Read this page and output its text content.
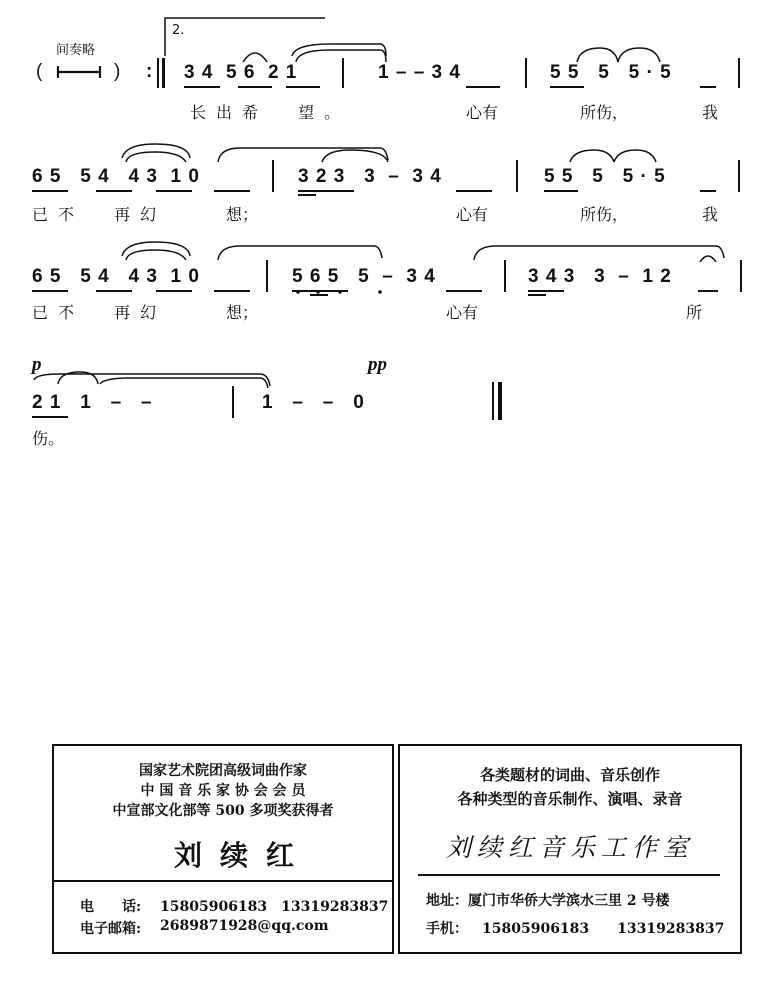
间奏略
(	) :
2.
3 4  5 6  2 1	1 – – 3 4	5 5   5   5 · 5
长出希  望。	心有	所伤，	我
6 5   5 4   4 3  1 0	3 2 3   3  –  3 4	5 5   5   5 · 5
已不  再幻	想；	心有	所伤，	我
6 5   5 4   4 3  1 0	5 6 5   5  –  3 4	3 4 3   3  –  1 2
已不  再幻	想；	心有	所
p	pp
2 1   1   –   –	1   –   –   0
伤。
国家艺术院团高级词曲作家
中 国 音 乐 家 协 会 会 员
中宣部文化部等 500 多项奖获得者
刘续红
电　　话: 15805906183　13319283837
电子邮箱: 2689871928@qq.com
各类题材的词曲、音乐创作
各种类型的音乐制作、演唱、录音
刘续红音乐工作室
地址：厦门市华侨大学滨水三里 2 号楼
手机： 15805906183　　13319283837
